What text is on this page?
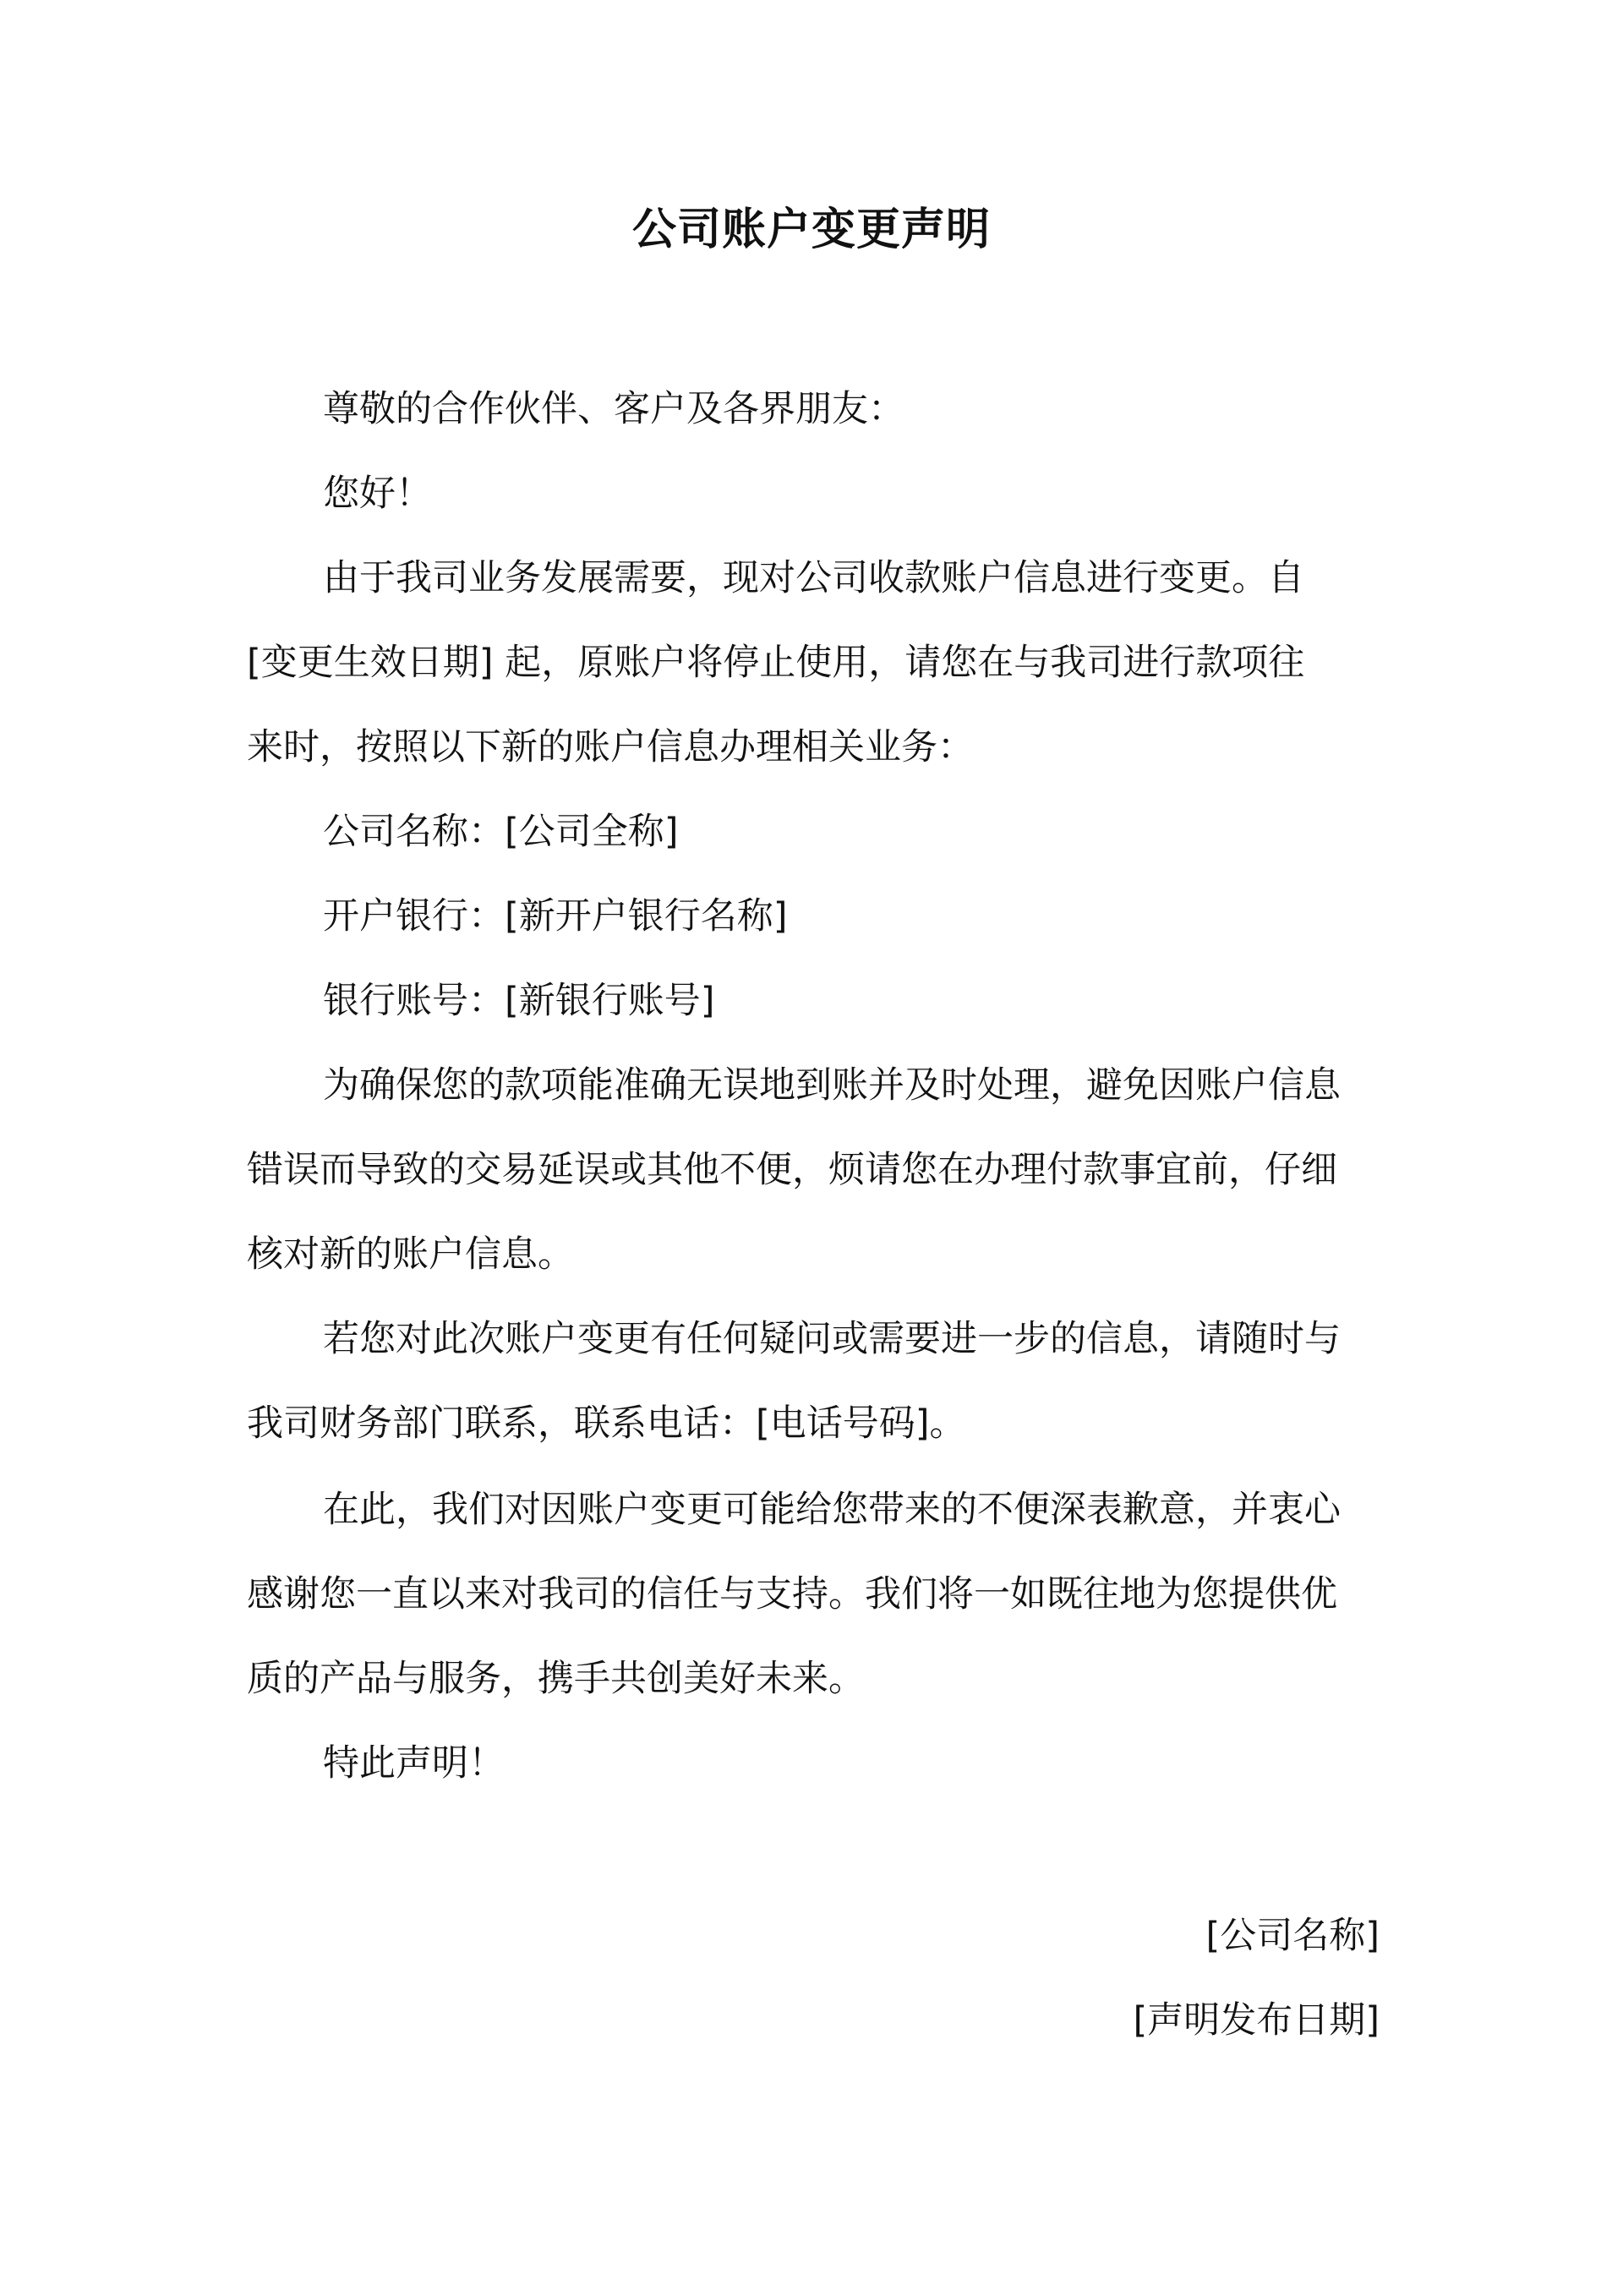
公司账户变更声明

尊敬的合作伙伴、客户及各界朋友：

您好！

由于我司业务发展需要，现对公司收款账户信息进行变更。自

[变更生效日期] 起，原账户将停止使用，请您在与我司进行款项往

来时，按照以下新的账户信息办理相关业务：

公司名称：[公司全称]

开户银行：[新开户银行名称]

银行账号：[新银行账号]

为确保您的款项能准确无误地到账并及时处理，避免因账户信息

错误而导致的交易延误或其他不便，烦请您在办理付款事宜前，仔细

核对新的账户信息。

若您对此次账户变更有任何疑问或需要进一步的信息，请随时与

我司财务部门联系，联系电话：[电话号码]。

在此，我们对因账户变更可能给您带来的不便深表歉意，并衷心

感谢您一直以来对我司的信任与支持。我们将一如既往地为您提供优

质的产品与服务，携手共创美好未来。

特此声明！

[公司名称]

[声明发布日期]
